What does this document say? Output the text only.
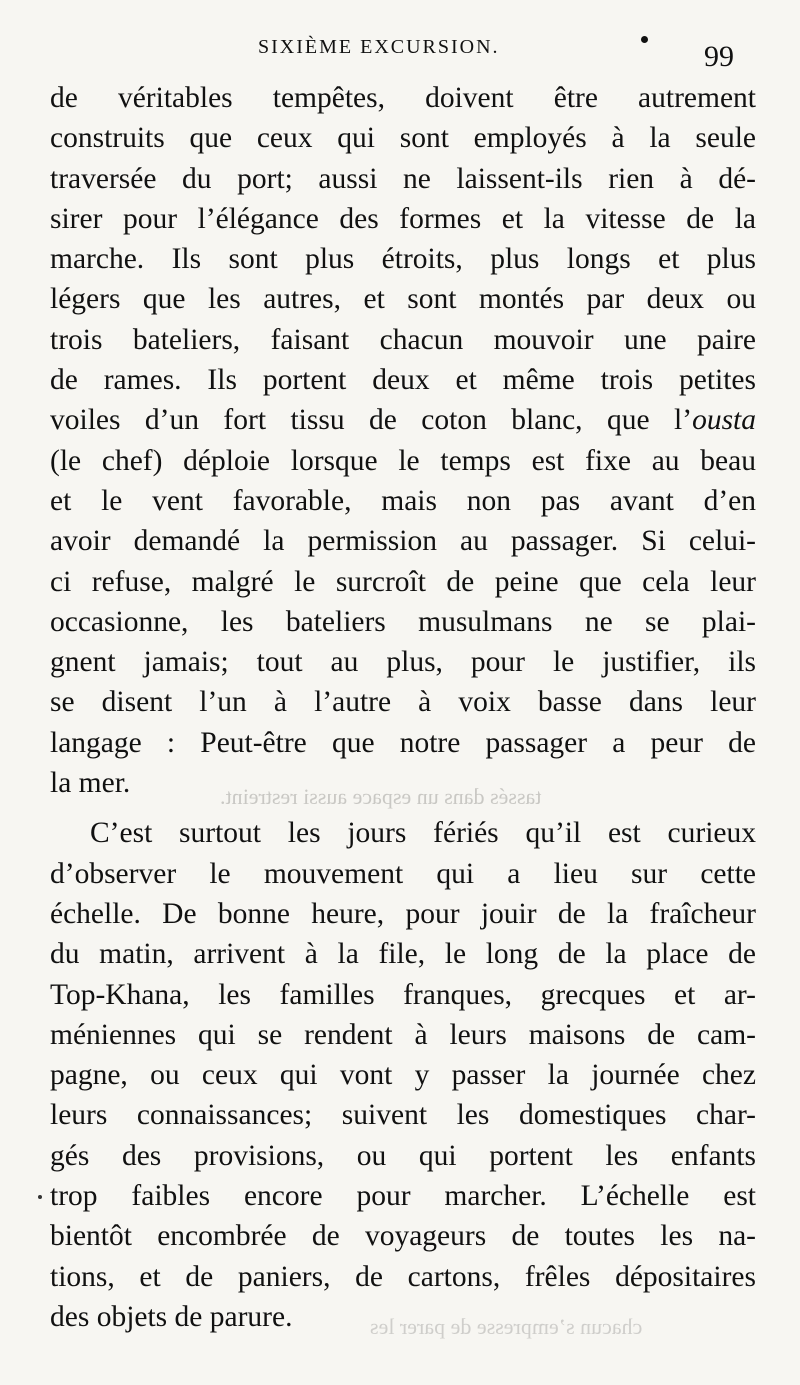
SIXIÈME EXCURSION.	99
tassés dans un espace aussi restreint.
chacun s’empresse de parer les
de véritables tempêtes, doivent être autrement
construits que ceux qui sont employés à la seule
traversée du port; aussi ne laissent-ils rien à dé-
sirer pour l’élégance des formes et la vitesse de la
marche. Ils sont plus étroits, plus longs et plus
légers que les autres, et sont montés par deux ou
trois bateliers, faisant chacun mouvoir une paire
de rames. Ils portent deux et même trois petites
voiles d’un fort tissu de coton blanc, que l’ousta
(le chef) déploie lorsque le temps est fixe au beau
et le vent favorable, mais non pas avant d’en
avoir demandé la permission au passager. Si celui-
ci refuse, malgré le surcroît de peine que cela leur
occasionne, les bateliers musulmans ne se plai-
gnent jamais; tout au plus, pour le justifier, ils
se disent l’un à l’autre à voix basse dans leur
langage : Peut-être que notre passager a peur de
la mer.
C’est surtout les jours fériés qu’il est curieux
d’observer le mouvement qui a lieu sur cette
échelle. De bonne heure, pour jouir de la fraîcheur
du matin, arrivent à la file, le long de la place de
Top-Khana, les familles franques, grecques et ar-
méniennes qui se rendent à leurs maisons de cam-
pagne, ou ceux qui vont y passer la journée chez
leurs connaissances; suivent les domestiques char-
gés des provisions, ou qui portent les enfants
trop faibles encore pour marcher. L’échelle est
bientôt encombrée de voyageurs de toutes les na-
tions, et de paniers, de cartons, frêles dépositaires
des objets de parure.
